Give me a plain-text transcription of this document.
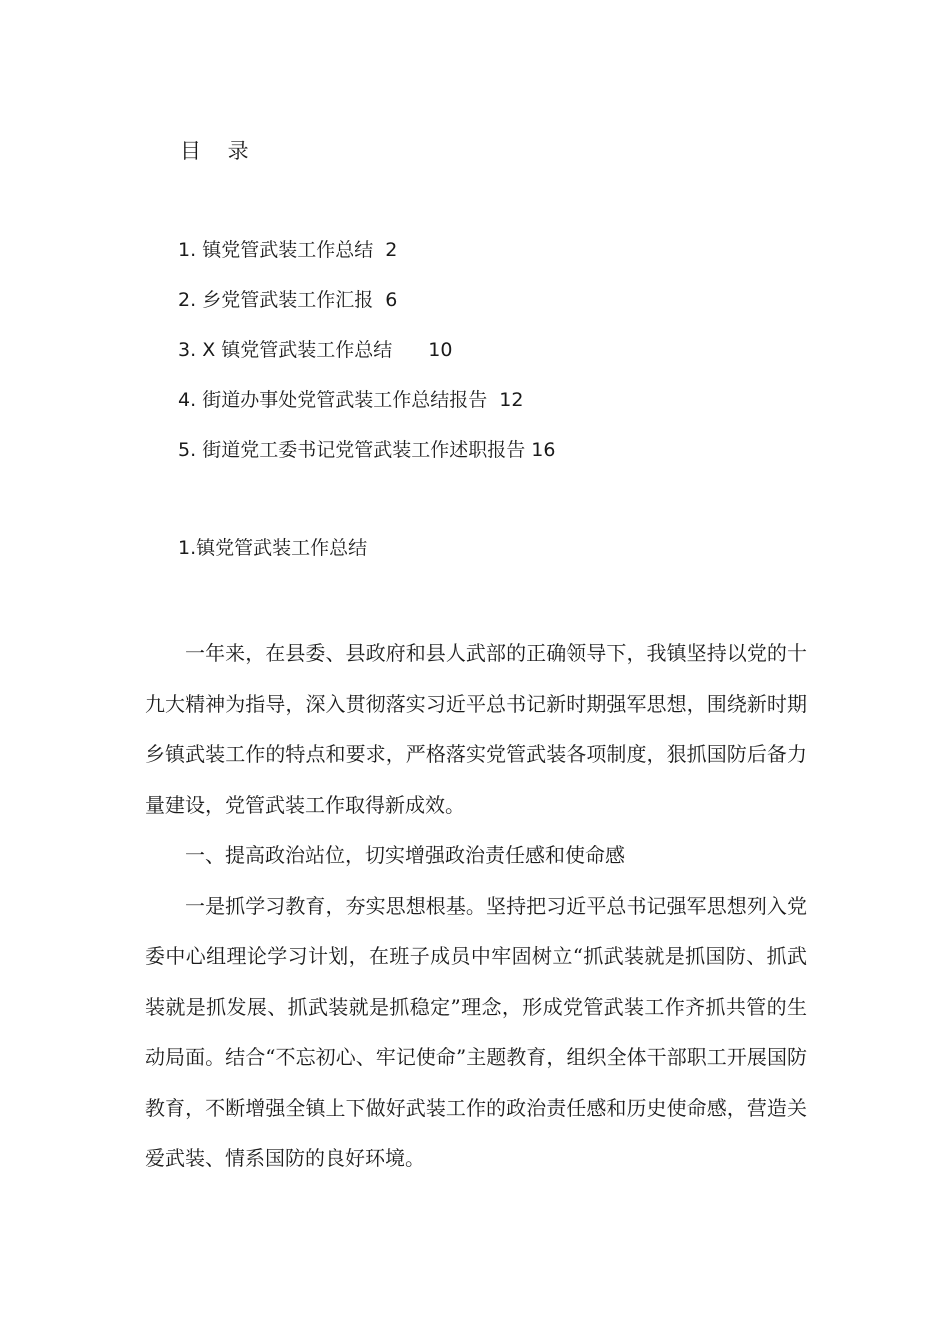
目 录
1. 镇党管武装工作总结 2
2. 乡党管武装工作汇报 6
3. X 镇党管武装工作总结 10
4. 街道办事处党管武装工作总结报告 12
5. 街道党工委书记党管武装工作述职报告 16
1.镇党管武装工作总结

一年来，在县委、县政府和县人武部的正确领导下，我镇坚持以党的十九大精神为指导，深入贯彻落实习近平总书记新时期强军思想，围绕新时期乡镇武装工作的特点和要求，严格落实党管武装各项制度，狠抓国防后备力量建设，党管武装工作取得新成效。

一、提高政治站位，切实增强政治责任感和使命感

一是抓学习教育，夯实思想根基。坚持把习近平总书记强军思想列入党委中心组理论学习计划，在班子成员中牢固树立“抓武装就是抓国防、抓武装就是抓发展、抓武装就是抓稳定”理念，形成党管武装工作齐抓共管的生动局面。结合“不忘初心、牢记使命”主题教育，组织全体干部职工开展国防教育，不断增强全镇上下做好武装工作的政治责任感和历史使命感，营造关爱武装、情系国防的良好环境。
